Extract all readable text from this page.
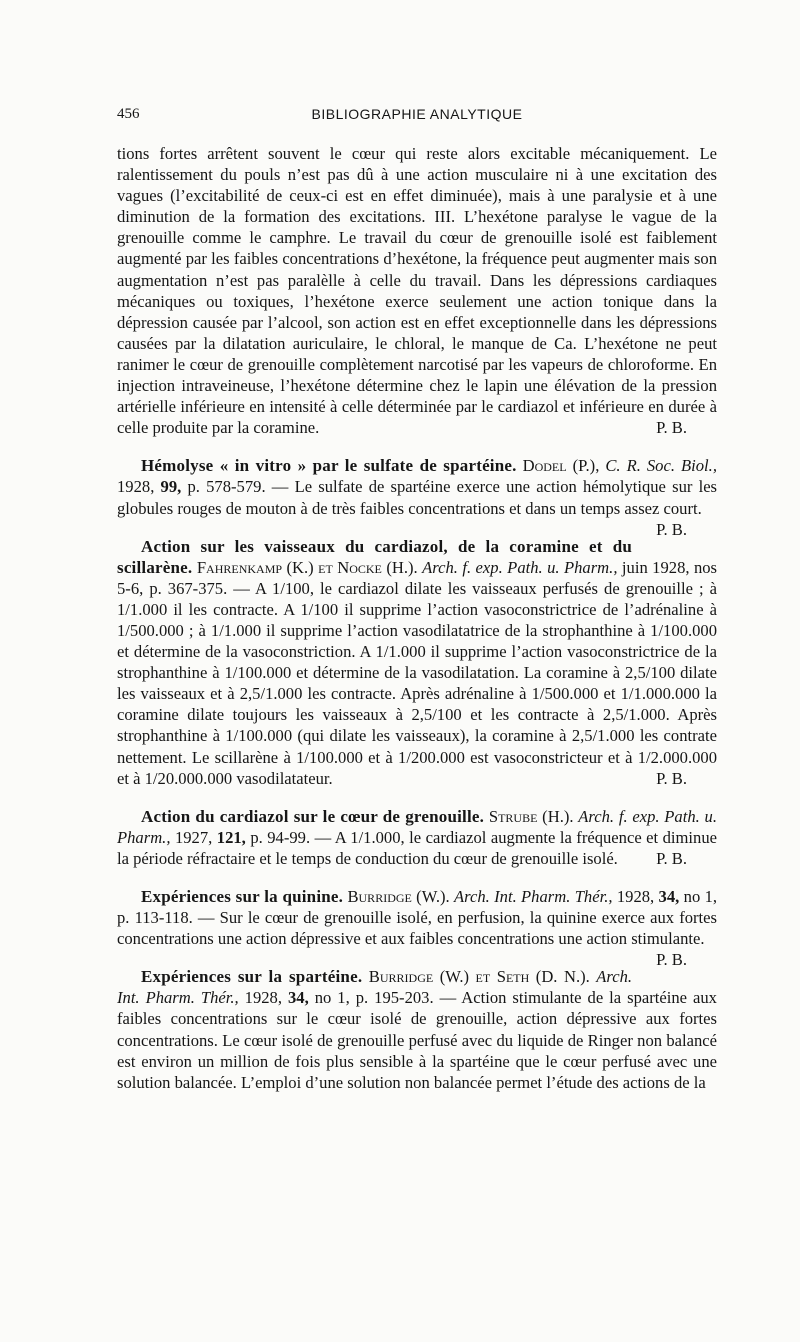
456	BIBLIOGRAPHIE ANALYTIQUE

tions fortes arrêtent souvent le cœur qui reste alors excitable mécaniquement. Le ralentissement du pouls n’est pas dû à une action musculaire ni à une excitation des vagues (l’excitabilité de ceux-ci est en effet diminuée), mais à une paralysie et à une diminution de la formation des excitations. III. L’hexétone paralyse le vague de la grenouille comme le camphre. Le travail du cœur de grenouille isolé est faiblement augmenté par les faibles concentrations d’hexétone, la fréquence peut augmenter mais son augmentation n’est pas paralèlle à celle du travail. Dans les dépressions cardiaques mécaniques ou toxiques, l’hexétone exerce seulement une action tonique dans la dépression causée par l’alcool, son action est en effet exceptionnelle dans les dépressions causées par la dilatation auriculaire, le chloral, le manque de Ca. L’hexétone ne peut ranimer le cœur de grenouille complètement narcotisé par les vapeurs de chloroforme. En injection intraveineuse, l’hexétone détermine chez le lapin une élévation de la pression artérielle inférieure en intensité à celle déterminée par le cardiazol et inférieure en durée à celle produite par la coramine.	P. B.

Hémolyse « in vitro » par le sulfate de spartéine. Dodel (P.), C. R. Soc. Biol., 1928, 99, p. 578-579. — Le sulfate de spartéine exerce une action hémolytique sur les globules rouges de mouton à de très faibles concentrations et dans un temps assez court.
P. B.

Action sur les vaisseaux du cardiazol, de la coramine et du scillarène. Fahrenkamp (K.) et Nocke (H.). Arch. f. exp. Path. u. Pharm., juin 1928, nos 5-6, p. 367-375. — A 1/100, le cardiazol dilate les vaisseaux perfusés de grenouille ; à 1/1.000 il les contracte. A 1/100 il supprime l’action vasoconstrictrice de l’adrénaline à 1/500.000 ; à 1/1.000 il supprime l’action vasodilatatrice de la strophanthine à 1/100.000 et détermine de la vasoconstriction. A 1/1.000 il supprime l’action vasoconstrictrice de la strophanthine à 1/100.000 et détermine de la vasodilatation. La coramine à 2,5/100 dilate les vaisseaux et à 2,5/1.000 les contracte. Après adrénaline à 1/500.000 et 1/1.000.000 la coramine dilate toujours les vaisseaux à 2,5/100 et les contracte à 2,5/1.000. Après strophanthine à 1/100.000 (qui dilate les vaisseaux), la coramine à 2,5/1.000 les contrate nettement. Le scillarène à 1/100.000 et à 1/200.000 est vasoconstricteur et à 1/2.000.000 et à 1/20.000.000 vasodilatateur.	P. B.

Action du cardiazol sur le cœur de grenouille. Strube (H.). Arch. f. exp. Path. u. Pharm., 1927, 121, p. 94-99. — A 1/1.000, le cardiazol augmente la fréquence et diminue la période réfractaire et le temps de conduction du cœur de grenouille isolé.	P. B.

Expériences sur la quinine. Burridge (W.). Arch. Int. Pharm. Thér., 1928, 34, no 1, p. 113-118. — Sur le cœur de grenouille isolé, en perfusion, la quinine exerce aux fortes concentrations une action dépressive et aux faibles concentrations une action stimulante.
P. B.

Expériences sur la spartéine. Burridge (W.) et Seth (D. N.). Arch. Int. Pharm. Thér., 1928, 34, no 1, p. 195-203. — Action stimulante de la spartéine aux faibles concentrations sur le cœur isolé de grenouille, action dépressive aux fortes concentrations. Le cœur isolé de grenouille perfusé avec du liquide de Ringer non balancé est environ un million de fois plus sensible à la spartéine que le cœur perfusé avec une solution balancée. L’emploi d’une solution non balancée permet l’étude des actions de la
